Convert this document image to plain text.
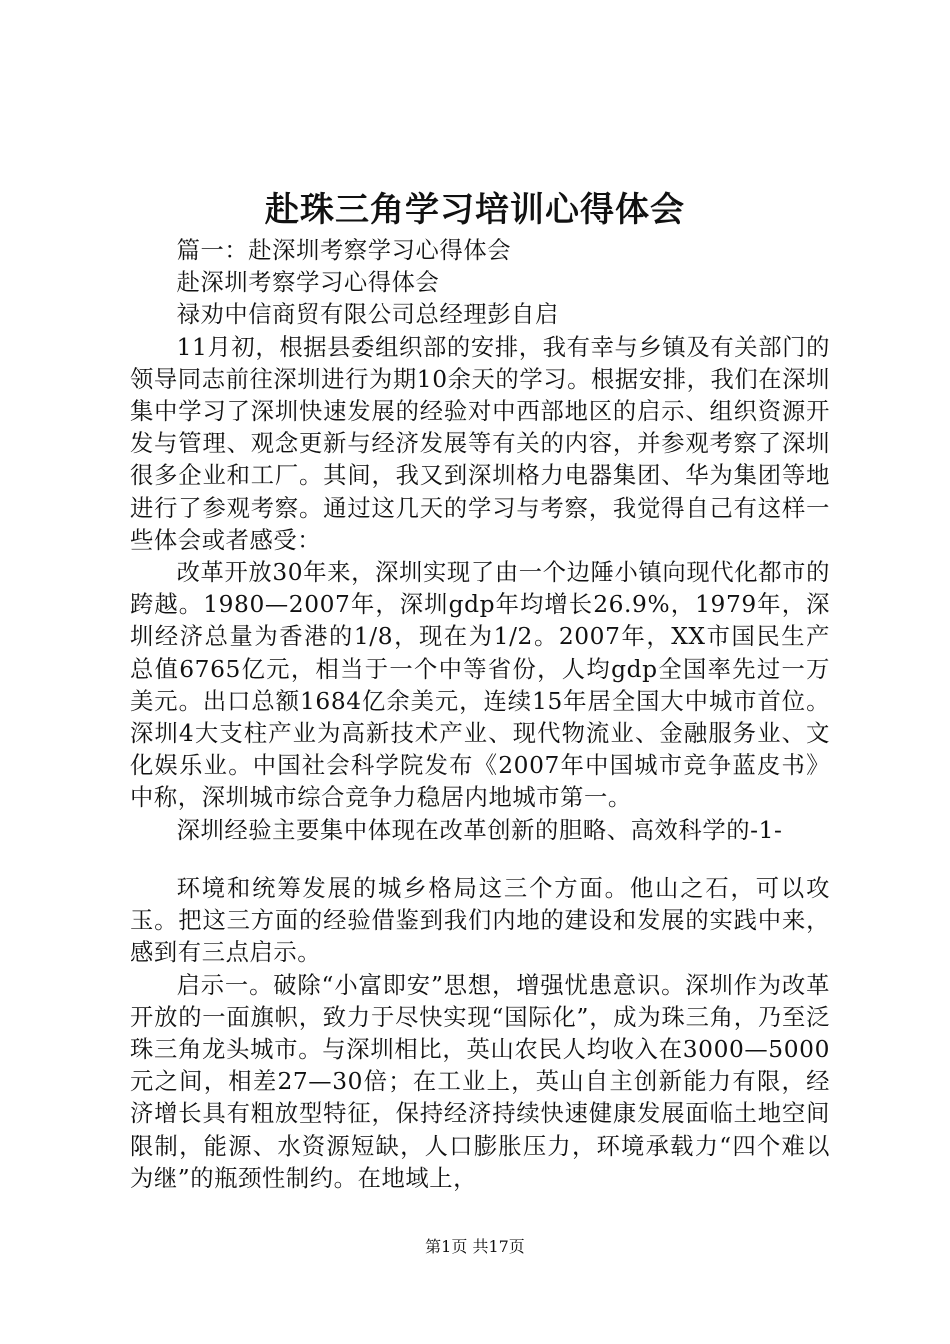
赴珠三角学习培训心得体会

篇一：赴深圳考察学习心得体会

赴深圳考察学习心得体会

禄劝中信商贸有限公司总经理彭自启

11月初，根据县委组织部的安排，我有幸与乡镇及有关部门的领导同志前往深圳进行为期10余天的学习。根据安排，我们在深圳集中学习了深圳快速发展的经验对中西部地区的启示、组织资源开发与管理、观念更新与经济发展等有关的内容，并参观考察了深圳很多企业和工厂。其间，我又到深圳格力电器集团、华为集团等地进行了参观考察。通过这几天的学习与考察，我觉得自己有这样一些体会或者感受：

改革开放30年来，深圳实现了由一个边陲小镇向现代化都市的跨越。1980—2007年，深圳gdp年均增长26.9%，1979年，深圳经济总量为香港的1/8，现在为1/2。2007年，XX市国民生产总值6765亿元，相当于一个中等省份，人均gdp全国率先过一万美元。出口总额1684亿余美元，连续15年居全国大中城市首位。深圳4大支柱产业为高新技术产业、现代物流业、金融服务业、文化娱乐业。中国社会科学院发布《2007年中国城市竞争蓝皮书》中称，深圳城市综合竞争力稳居内地城市第一。

深圳经验主要集中体现在改革创新的胆略、高效科学的-1-

环境和统筹发展的城乡格局这三个方面。他山之石，可以攻玉。把这三方面的经验借鉴到我们内地的建设和发展的实践中来，感到有三点启示。

启示一。破除“小富即安”思想，增强忧患意识。深圳作为改革开放的一面旗帜，致力于尽快实现“国际化”，成为珠三角，乃至泛珠三角龙头城市。与深圳相比，英山农民人均收入在3000—5000元之间，相差27—30倍；在工业上，英山自主创新能力有限，经济增长具有粗放型特征，保持经济持续快速健康发展面临土地空间限制，能源、水资源短缺，人口膨胀压力，环境承载力“四个难以为继”的瓶颈性制约。在地域上，

第1页 共17页
